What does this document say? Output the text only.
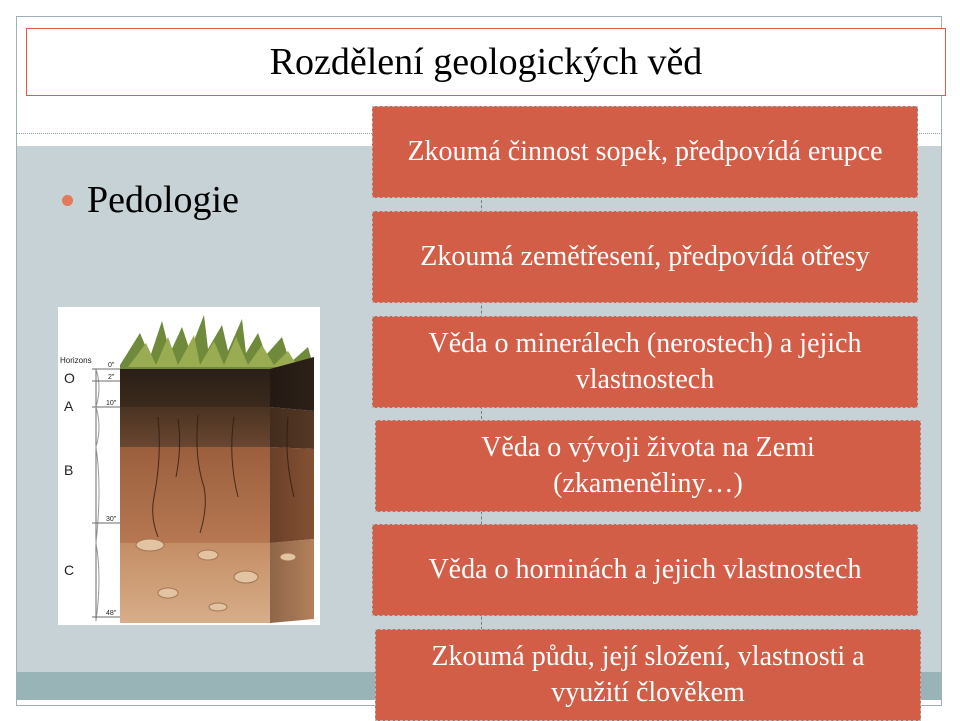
Rozdělení geologických věd
Pedologie
Horizons
O
A
B
C
0"
2"
10"
30"
48"
Zkoumá činnost sopek, předpovídá erupce
Zkoumá zemětřesení, předpovídá otřesy
Věda o minerálech (nerostech) a jejich vlastnostech
Věda o vývoji života na Zemi (zkameněliny…)
Věda o horninách a jejich vlastnostech
Zkoumá půdu, její složení, vlastnosti a využití člověkem
